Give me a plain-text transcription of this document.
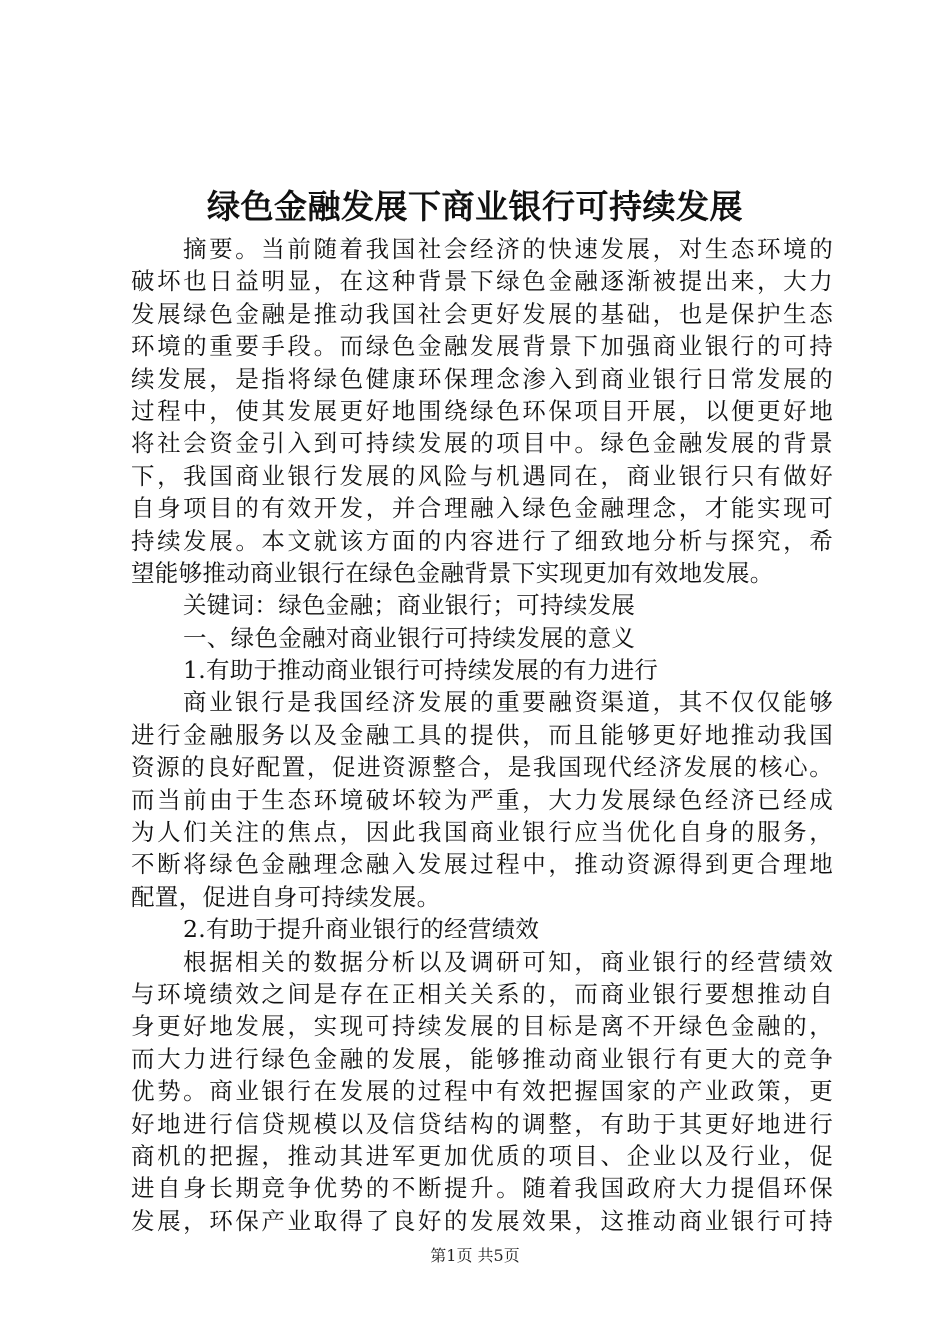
绿色金融发展下商业银行可持续发展
摘要。当前随着我国社会经济的快速发展，对生态环境的
破坏也日益明显，在这种背景下绿色金融逐渐被提出来，大力
发展绿色金融是推动我国社会更好发展的基础，也是保护生态
环境的重要手段。而绿色金融发展背景下加强商业银行的可持
续发展，是指将绿色健康环保理念渗入到商业银行日常发展的
过程中，使其发展更好地围绕绿色环保项目开展，以便更好地
将社会资金引入到可持续发展的项目中。绿色金融发展的背景
下，我国商业银行发展的风险与机遇同在，商业银行只有做好
自身项目的有效开发，并合理融入绿色金融理念，才能实现可
持续发展。本文就该方面的内容进行了细致地分析与探究，希
望能够推动商业银行在绿色金融背景下实现更加有效地发展。
关键词：绿色金融；商业银行；可持续发展
一、绿色金融对商业银行可持续发展的意义
1.有助于推动商业银行可持续发展的有力进行
商业银行是我国经济发展的重要融资渠道，其不仅仅能够
进行金融服务以及金融工具的提供，而且能够更好地推动我国
资源的良好配置，促进资源整合，是我国现代经济发展的核心。
而当前由于生态环境破坏较为严重，大力发展绿色经济已经成
为人们关注的焦点，因此我国商业银行应当优化自身的服务，
不断将绿色金融理念融入发展过程中，推动资源得到更合理地
配置，促进自身可持续发展。
2.有助于提升商业银行的经营绩效
根据相关的数据分析以及调研可知，商业银行的经营绩效
与环境绩效之间是存在正相关关系的，而商业银行要想推动自
身更好地发展，实现可持续发展的目标是离不开绿色金融的，
而大力进行绿色金融的发展，能够推动商业银行有更大的竞争
优势。商业银行在发展的过程中有效把握国家的产业政策，更
好地进行信贷规模以及信贷结构的调整，有助于其更好地进行
商机的把握，推动其进军更加优质的项目、企业以及行业，促
进自身长期竞争优势的不断提升。随着我国政府大力提倡环保
发展，环保产业取得了良好的发展效果，这推动商业银行可持
第1页 共5页
